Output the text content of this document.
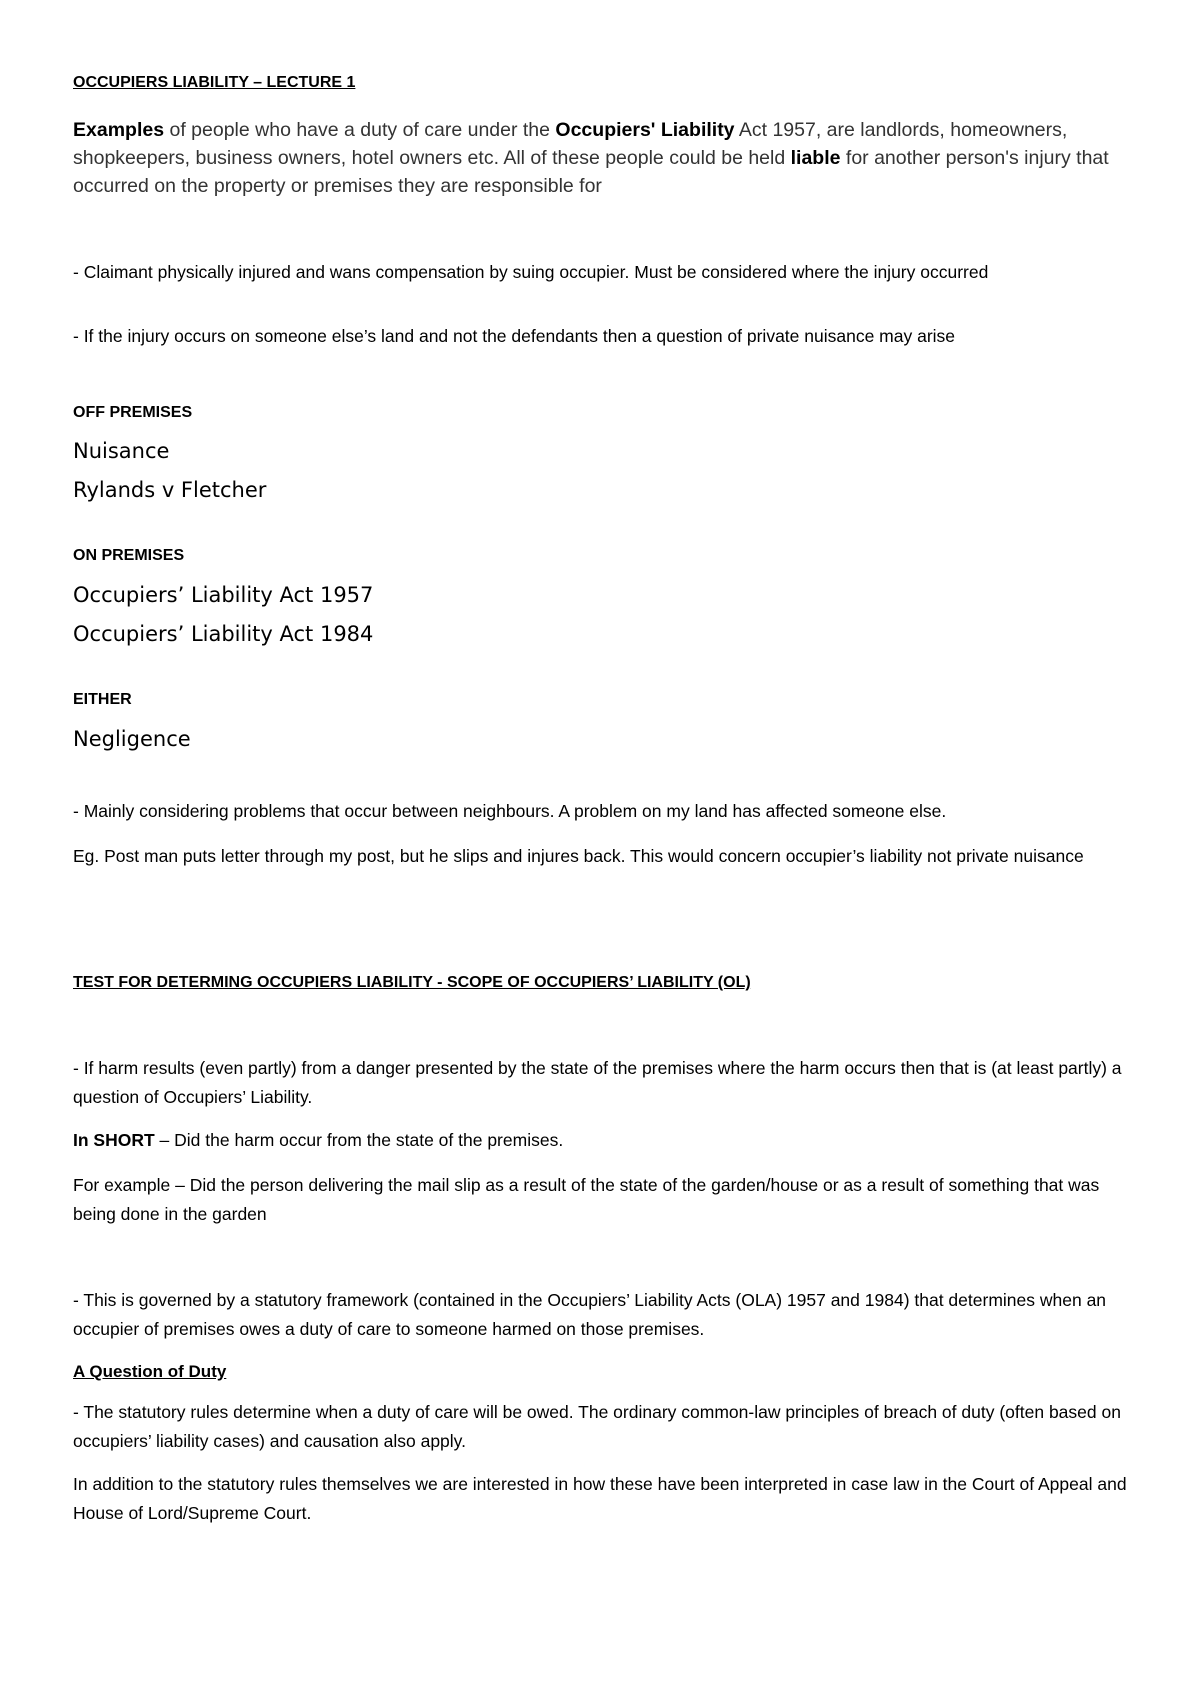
OCCUPIERS LIABILITY – LECTURE 1
Examples of people who have a duty of care under the Occupiers' Liability Act 1957, are landlords, homeowners, shopkeepers, business owners, hotel owners etc. All of these people could be held liable for another person's injury that occurred on the property or premises they are responsible for
- Claimant physically injured and wans compensation by suing occupier. Must be considered where the injury occurred
- If the injury occurs on someone else’s land and not the defendants then a question of private nuisance may arise
OFF PREMISES
Nuisance
Rylands v Fletcher
ON PREMISES
Occupiers’ Liability Act 1957
Occupiers’ Liability Act 1984
EITHER
Negligence
- Mainly considering problems that occur between neighbours. A problem on my land has affected someone else.
Eg. Post man puts letter through my post, but he slips and injures back. This would concern occupier’s liability not private nuisance
TEST FOR DETERMING OCCUPIERS LIABILITY - SCOPE OF OCCUPIERS’ LIABILITY (OL)
- If harm results (even partly) from a danger presented by the state of the premises where the harm occurs then that is (at least partly) a question of Occupiers’ Liability.
In SHORT – Did the harm occur from the state of the premises.
For example – Did the person delivering the mail slip as a result of the state of the garden/house or as a result of something that was being done in the garden
- This is governed by a statutory framework (contained in the Occupiers’ Liability Acts (OLA) 1957 and 1984) that determines when an occupier of premises owes a duty of care to someone harmed on those premises.
A Question of Duty
- The statutory rules determine when a duty of care will be owed. The ordinary common-law principles of breach of duty (often based on occupiers’ liability cases) and causation also apply.
In addition to the statutory rules themselves we are interested in how these have been interpreted in case law in the Court of Appeal and House of Lord/Supreme Court.
